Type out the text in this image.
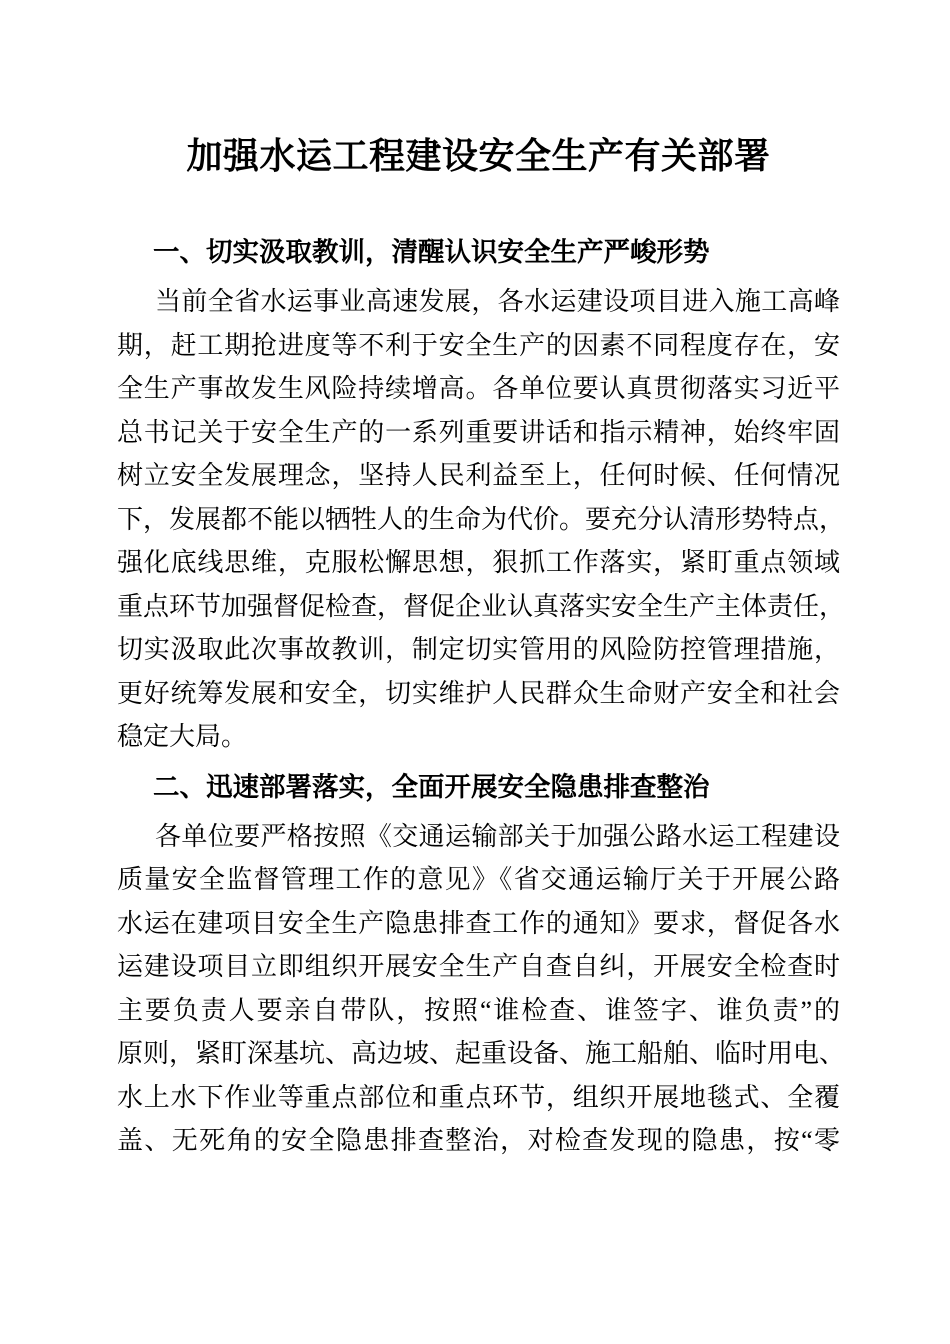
加强水运工程建设安全生产有关部署
一、切实汲取教训，清醒认识安全生产严峻形势
当前全省水运事业高速发展，各水运建设项目进入施工高峰
期，赶工期抢进度等不利于安全生产的因素不同程度存在，安
全生产事故发生风险持续增高。各单位要认真贯彻落实习近平
总书记关于安全生产的一系列重要讲话和指示精神，始终牢固
树立安全发展理念，坚持人民利益至上，任何时候、任何情况
下，发展都不能以牺牲人的生命为代价。要充分认清形势特点，
强化底线思维，克服松懈思想，狠抓工作落实，紧盯重点领域
重点环节加强督促检查，督促企业认真落实安全生产主体责任，
切实汲取此次事故教训，制定切实管用的风险防控管理措施，
更好统筹发展和安全，切实维护人民群众生命财产安全和社会
稳定大局。
二、迅速部署落实，全面开展安全隐患排查整治
各单位要严格按照《交通运输部关于加强公路水运工程建设
质量安全监督管理工作的意见》《省交通运输厅关于开展公路
水运在建项目安全生产隐患排查工作的通知》要求，督促各水
运建设项目立即组织开展安全生产自查自纠，开展安全检查时
主要负责人要亲自带队，按照“谁检查、谁签字、谁负责”的
原则，紧盯深基坑、高边坡、起重设备、施工船舶、临时用电、
水上水下作业等重点部位和重点环节，组织开展地毯式、全覆
盖、无死角的安全隐患排查整治，对检查发现的隐患，按“零
